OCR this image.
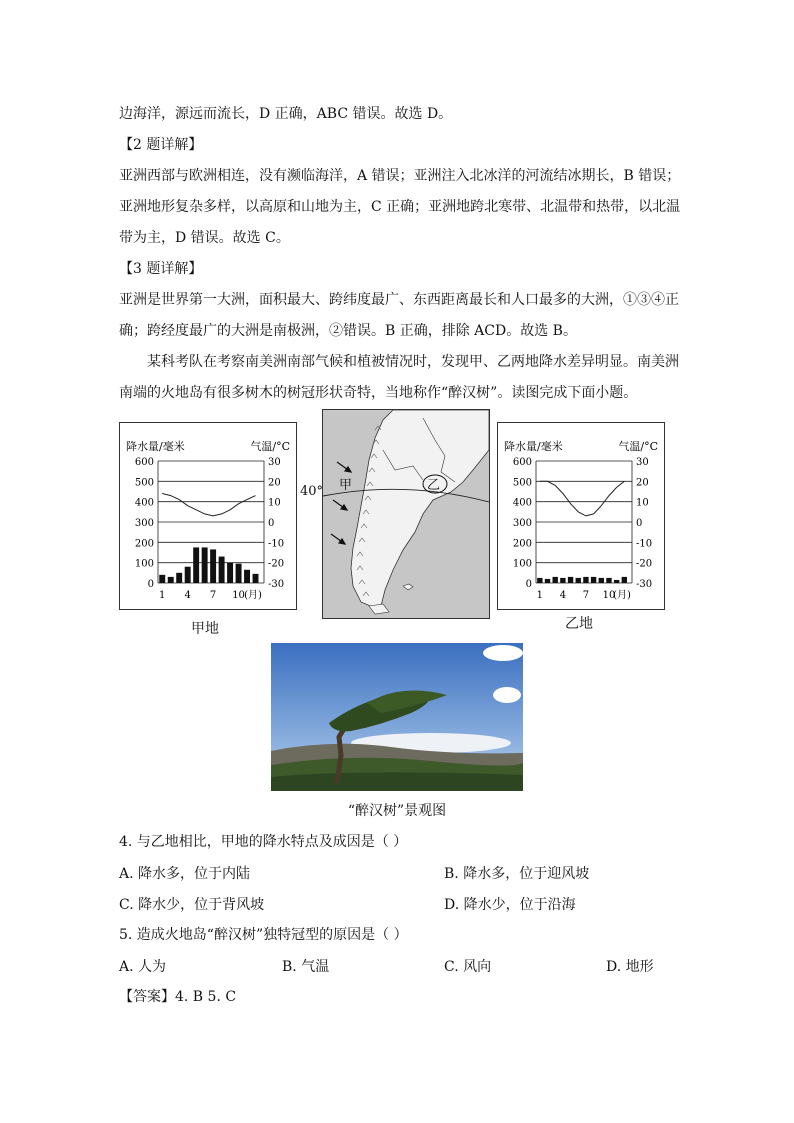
边海洋，源远而流长，D 正确，ABC 错误。故选 D。
【2 题详解】
亚洲西部与欧洲相连，没有濒临海洋，A 错误；亚洲注入北冰洋的河流结冰期长，B 错误；
亚洲地形复杂多样，以高原和山地为主，C 正确；亚洲地跨北寒带、北温带和热带，以北温
带为主，D 错误。故选 C。
【3 题详解】
亚洲是世界第一大洲，面积最大、跨纬度最广、东西距离最长和人口最多的大洲，①③④正
确；跨经度最广的大洲是南极洲，②错误。B 正确，排除 ACD。故选 B。
某科考队在考察南美洲南部气候和植被情况时，发现甲、乙两地降水差异明显。南美洲
南端的火地岛有很多树木的树冠形状奇特，当地称作“醉汉树”。读图完成下面小题。
降水量/毫米	气温/°C
0
100
200
300
400
500
600	30
20
10
0
-10
-20
-30
1 4 7 10 (月)
甲地
甲	乙
40°
降水量/毫米	气温/°C
0
100
200
300
400
500
600	30
20
10
0
-10
-20
-30
1 4 7 10
(月)
乙地
“醉汉树”景观图
4. 与乙地相比，甲地的降水特点及成因是（ ）
A. 降水多，位于内陆	B. 降水多，位于迎风坡
C. 降水少，位于背风坡	D. 降水少，位于沿海
5. 造成火地岛“醉汉树”独特冠型的原因是（ ）
A. 人为	B. 气温	C. 风向	D. 地形
【答案】4. B 5. C
